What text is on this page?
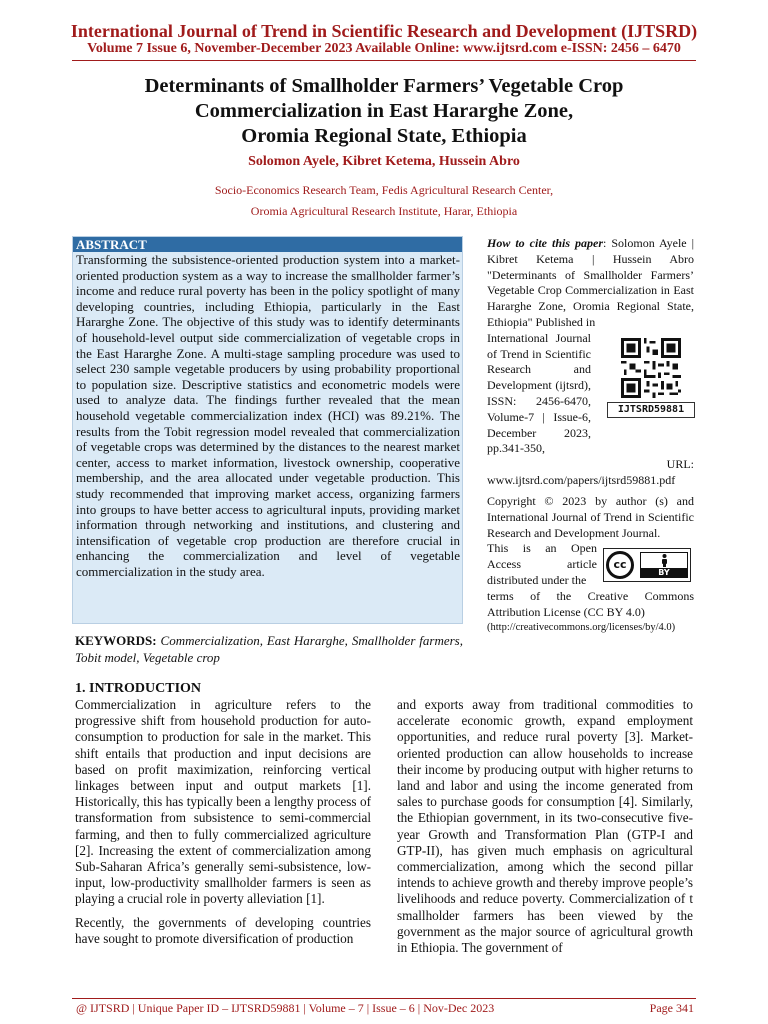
International Journal of Trend in Scientific Research and Development (IJTSRD)
Volume 7 Issue 6, November-December 2023 Available Online: www.ijtsrd.com e-ISSN: 2456 – 6470
Determinants of Smallholder Farmers’ Vegetable Crop
Commercialization in East Hararghe Zone,
Oromia Regional State, Ethiopia
Solomon Ayele, Kibret Ketema, Hussein Abro
Socio-Economics Research Team, Fedis Agricultural Research Center,
Oromia Agricultural Research Institute, Harar, Ethiopia
ABSTRACT
Transforming the subsistence-oriented production system into a market-oriented production system as a way to increase the smallholder farmer’s income and reduce rural poverty has been in the policy spotlight of many developing countries, including Ethiopia, particularly in the East Hararghe Zone. The objective of this study was to identify determinants of household-level output side commercialization of vegetable crops in the East Hararghe Zone. A multi-stage sampling procedure was used to select 230 sample vegetable producers by using probability proportional to population size. Descriptive statistics and econometric models were used to analyze data. The findings further revealed that the mean household vegetable commercialization index (HCI) was 89.21%. The results from the Tobit regression model revealed that commercialization of vegetable crops was determined by the distances to the nearest market center, access to market information, livestock ownership, cooperative membership, and the area allocated under vegetable production. This study recommended that improving market access, organizing farmers into groups to have better access to agricultural inputs, providing market information through networking and institutions, and clustering and intensification of vegetable crop production are therefore crucial in enhancing the commercialization and level of vegetable commercialization in the study area.
KEYWORDS: Commercialization, East Hararghe, Smallholder farmers, Tobit model, Vegetable crop
How to cite this paper: Solomon Ayele | Kibret Ketema | Hussein Abro "Determinants of Smallholder Farmers’ Vegetable Crop Commercialization in East Hararghe Zone, Oromia Regional State, Ethiopia" Published in
International Journal of Trend in Scientific Research and Development (ijtsrd), ISSN: 2456-6470, Volume-7 | Issue-6, December 2023, pp.341-350,
URL:
www.ijtsrd.com/papers/ijtsrd59881.pdf
IJTSRD59881
Copyright © 2023 by author (s) and International Journal of Trend in Scientific Research and Development Journal.
This is an Open Access article distributed under the
terms of the Creative Commons Attribution License (CC BY 4.0)
(http://creativecommons.org/licenses/by/4.0)
cc
BY
1. INTRODUCTION

Commercialization in agriculture refers to the progressive shift from household production for auto-consumption to production for sale in the market. This shift entails that production and input decisions are based on profit maximization, reinforcing vertical linkages between input and output markets [1]. Historically, this has typically been a lengthy process of transformation from subsistence to semi-commercial farming, and then to fully commercialized agriculture [2]. Increasing the extent of commercialization among Sub-Saharan Africa’s generally semi-subsistence, low-input, low-productivity smallholder farmers is seen as playing a crucial role in poverty alleviation [1].

Recently, the governments of developing countries have sought to promote diversification of production

and exports away from traditional commodities to accelerate economic growth, expand employment opportunities, and reduce rural poverty [3]. Market-oriented production can allow households to increase their income by producing output with higher returns to land and labor and using the income generated from sales to purchase goods for consumption [4]. Similarly, the Ethiopian government, in its two-consecutive five-year Growth and Transformation Plan (GTP-I and GTP-II), has given much emphasis on agricultural commercialization, among which the second pillar intends to achieve growth and thereby improve people’s livelihoods and reduce poverty. Commercialization of t smallholder farmers has been viewed by the government as the major source of agricultural growth in Ethiopia. The government of

@ IJTSRD | Unique Paper ID – IJTSRD59881 | Volume – 7 | Issue – 6 | Nov-Dec 2023	Page 341
